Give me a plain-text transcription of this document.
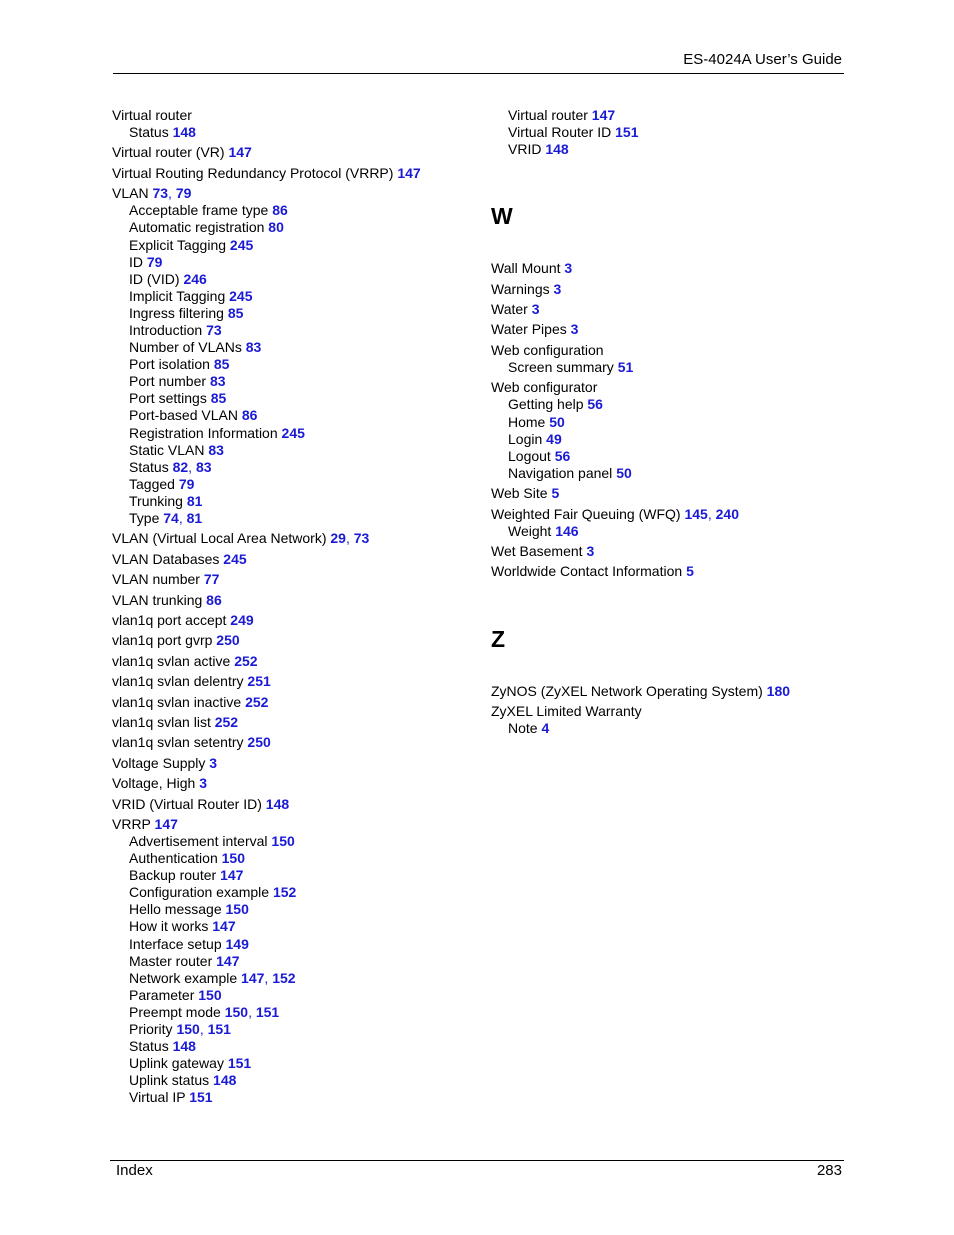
ES-4024A User’s Guide
Virtual router
Status 148
Virtual router (VR) 147
Virtual Routing Redundancy Protocol (VRRP) 147
VLAN 73, 79
Acceptable frame type 86
Automatic registration 80
Explicit Tagging 245
ID 79
ID (VID) 246
Implicit Tagging 245
Ingress filtering 85
Introduction 73
Number of VLANs 83
Port isolation 85
Port number 83
Port settings 85
Port-based VLAN 86
Registration Information 245
Static VLAN 83
Status 82, 83
Tagged 79
Trunking 81
Type 74, 81
VLAN (Virtual Local Area Network) 29, 73
VLAN Databases 245
VLAN number 77
VLAN trunking 86
vlan1q port accept 249
vlan1q port gvrp 250
vlan1q svlan active 252
vlan1q svlan delentry 251
vlan1q svlan inactive 252
vlan1q svlan list 252
vlan1q svlan setentry 250
Voltage Supply 3
Voltage, High 3
VRID (Virtual Router ID) 148
VRRP 147
Advertisement interval 150
Authentication 150
Backup router 147
Configuration example 152
Hello message 150
How it works 147
Interface setup 149
Master router 147
Network example 147, 152
Parameter 150
Preempt mode 150, 151
Priority 150, 151
Status 148
Uplink gateway 151
Uplink status 148
Virtual IP 151
Virtual router 147
Virtual Router ID 151
VRID 148
W
Wall Mount 3
Warnings 3
Water 3
Water Pipes 3
Web configuration
Screen summary 51
Web configurator
Getting help 56
Home 50
Login 49
Logout 56
Navigation panel 50
Web Site 5
Weighted Fair Queuing (WFQ) 145, 240
Weight 146
Wet Basement 3
Worldwide Contact Information 5
Z
ZyNOS (ZyXEL Network Operating System) 180
ZyXEL Limited Warranty
Note 4
Index	283
